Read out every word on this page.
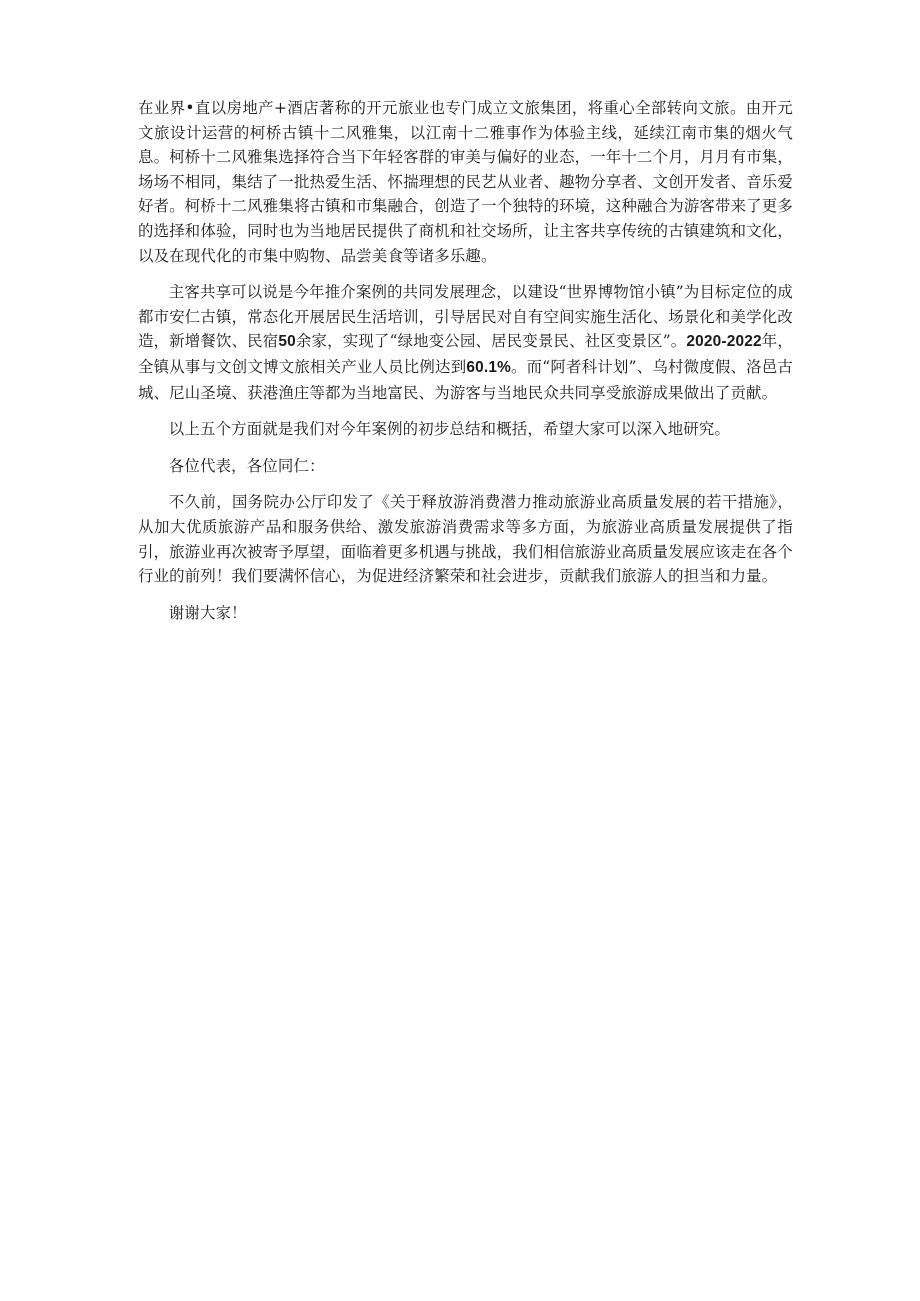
在业界•直以房地产+酒店著称的开元旅业也专门成立文旅集团，将重心全部转向文旅。由开元文旅设计运营的柯桥古镇十二风雅集，以江南十二雅事作为体验主线，延续江南市集的烟火气息。柯桥十二风雅集选择符合当下年轻客群的审美与偏好的业态，一年十二个月，月月有市集，场场不相同，集结了一批热爱生活、怀揣理想的民艺从业者、趣物分享者、文创开发者、音乐爱好者。柯桥十二风雅集将古镇和市集融合，创造了一个独特的环境，这种融合为游客带来了更多的选择和体验，同时也为当地居民提供了商机和社交场所，让主客共享传统的古镇建筑和文化，以及在现代化的市集中购物、品尝美食等诸多乐趣。

主客共享可以说是今年推介案例的共同发展理念，以建设“世界博物馆小镇”为目标定位的成都市安仁古镇，常态化开展居民生活培训，引导居民对自有空间实施生活化、场景化和美学化改造，新增餐饮、民宿50余家，实现了“绿地变公园、居民变景民、社区变景区”。2020-2022年，全镇从事与文创文博文旅相关产业人员比例达到60.1%。而“阿者科计划”、乌村微度假、洛邑古城、尼山圣境、获港渔庄等都为当地富民、为游客与当地民众共同享受旅游成果做出了贡献。

以上五个方面就是我们对今年案例的初步总结和概括，希望大家可以深入地研究。

各位代表，各位同仁：

不久前，国务院办公厅印发了《关于释放游消费潜力推动旅游业高质量发展的若干措施》，从加大优质旅游产品和服务供给、激发旅游消费需求等多方面，为旅游业高质量发展提供了指引，旅游业再次被寄予厚望，面临着更多机遇与挑战，我们相信旅游业高质量发展应该走在各个行业的前列！我们要满怀信心，为促进经济繁荣和社会进步，贡献我们旅游人的担当和力量。

谢谢大家！
